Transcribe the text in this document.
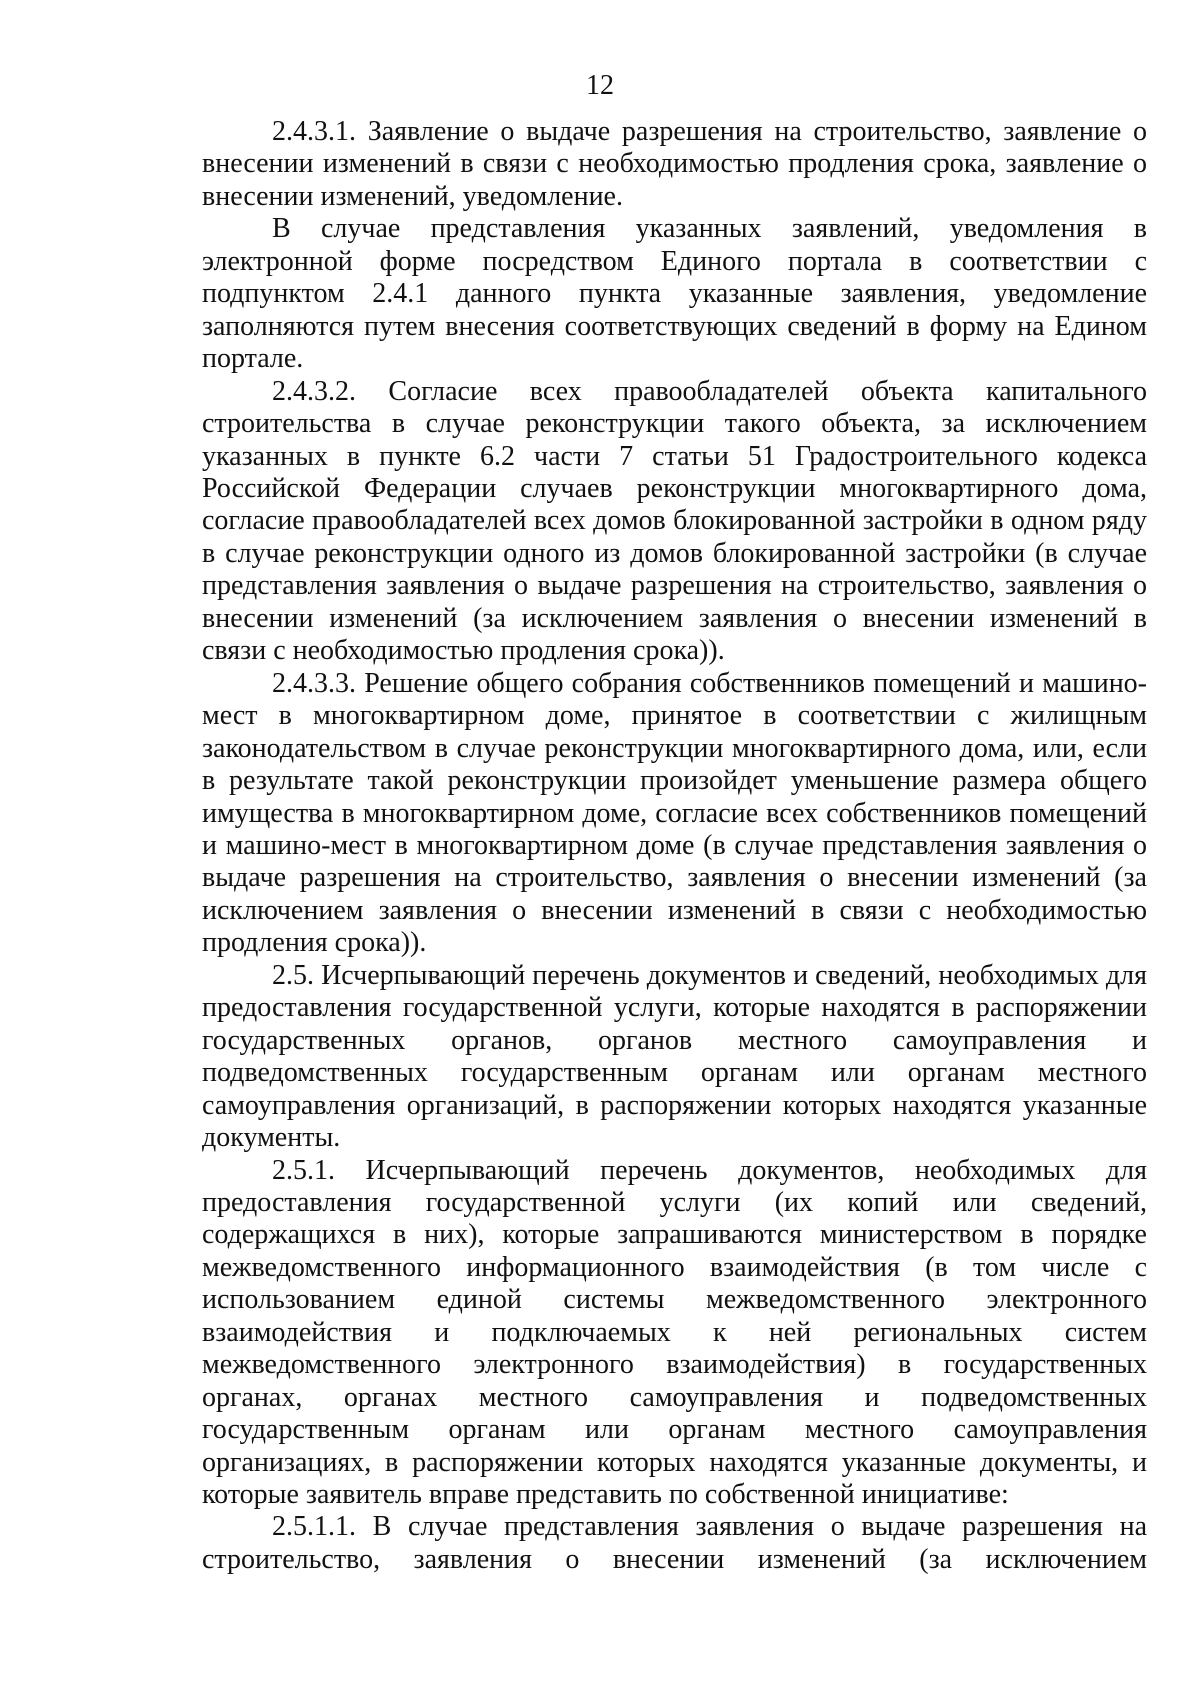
12

2.4.3.1. Заявление о выдаче разрешения на строительство, заявление о внесении изменений в связи с необходимостью продления срока, заявление о внесении изменений, уведомление.

В случае представления указанных заявлений, уведомления в электронной форме посредством Единого портала в соответствии с подпунктом 2.4.1 данного пункта указанные заявления, уведомление заполняются путем внесения соответствующих сведений в форму на Едином портале.

2.4.3.2. Согласие всех правообладателей объекта капитального строительства в случае реконструкции такого объекта, за исключением указанных в пункте 6.2 части 7 статьи 51 Градостроительного кодекса Российской Федерации случаев реконструкции многоквартирного дома, согласие правообладателей всех домов блокированной застройки в одном ряду в случае реконструкции одного из домов блокированной застройки (в случае представления заявления о выдаче разрешения на строительство, заявления о внесении изменений (за исключением заявления о внесении изменений в связи с необходимостью продления срока)).

2.4.3.3. Решение общего собрания собственников помещений и машино-мест в многоквартирном доме, принятое в соответствии с жилищным законодательством в случае реконструкции многоквартирного дома, или, если в результате такой реконструкции произойдет уменьшение размера общего имущества в многоквартирном доме, согласие всех собственников помещений и машино-мест в многоквартирном доме (в случае представления заявления о выдаче разрешения на строительство, заявления о внесении изменений (за исключением заявления о внесении изменений в связи с необходимостью продления срока)).

2.5. Исчерпывающий перечень документов и сведений, необходимых для предоставления государственной услуги, которые находятся в распоряжении государственных органов, органов местного самоуправления и подведомственных государственным органам или органам местного самоуправления организаций, в распоряжении которых находятся указанные документы.

2.5.1. Исчерпывающий перечень документов, необходимых для предоставления государственной услуги (их копий или сведений, содержащихся в них), которые запрашиваются министерством в порядке межведомственного информационного взаимодействия (в том числе с использованием единой системы межведомственного электронного взаимодействия и подключаемых к ней региональных систем межведомственного электронного взаимодействия) в государственных органах, органах местного самоуправления и подведомственных государственным органам или органам местного самоуправления организациях, в распоряжении которых находятся указанные документы, и которые заявитель вправе представить по собственной инициативе:

2.5.1.1. В случае представления заявления о выдаче разрешения на строительство, заявления о внесении изменений (за исключением
